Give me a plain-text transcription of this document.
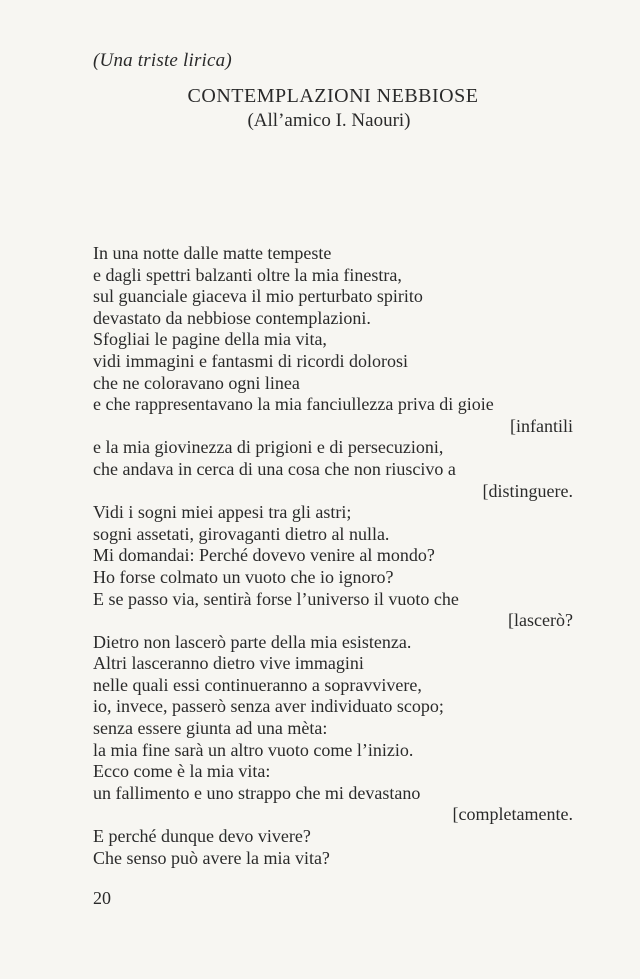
(Una triste lirica)
CONTEMPLAZIONI NEBBIOSE
(All’amico I. Naouri)
In una notte dalle matte tempeste
e dagli spettri balzanti oltre la mia finestra,
sul guanciale giaceva il mio perturbato spirito
devastato da nebbiose contemplazioni.
Sfogliai le pagine della mia vita,
vidi immagini e fantasmi di ricordi dolorosi
che ne coloravano ogni linea
e che rappresentavano la mia fanciullezza priva di gioie
[infantili
e la mia giovinezza di prigioni e di persecuzioni,
che andava in cerca di una cosa che non riuscivo a
[distinguere.
Vidi i sogni miei appesi tra gli astri;
sogni assetati, girovaganti dietro al nulla.
Mi domandai: Perché dovevo venire al mondo?
Ho forse colmato un vuoto che io ignoro?
E se passo via, sentirà forse l’universo il vuoto che
[lascerò?
Dietro non lascerò parte della mia esistenza.
Altri lasceranno dietro vive immagini
nelle quali essi continueranno a sopravvivere,
io, invece, passerò senza aver individuato scopo;
senza essere giunta ad una mèta:
la mia fine sarà un altro vuoto come l’inizio.
Ecco come è la mia vita:
un fallimento e uno strappo che mi devastano
[completamente.
E perché dunque devo vivere?
Che senso può avere la mia vita?
20
